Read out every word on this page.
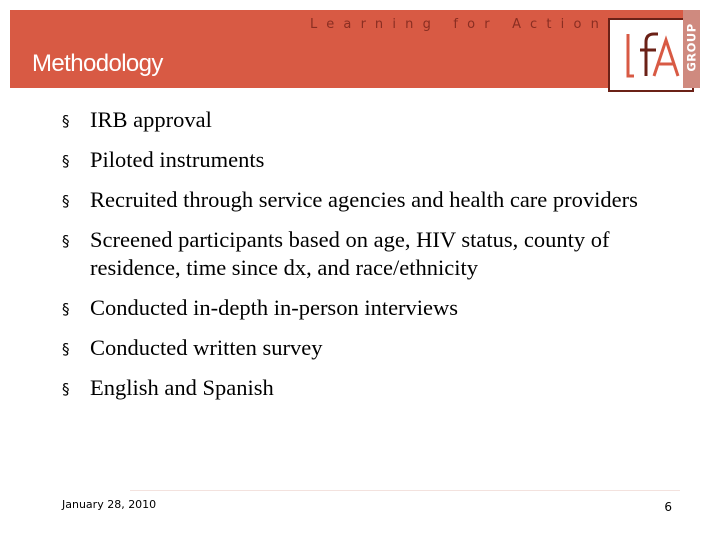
Learning for Action
Methodology	GROUP
§ IRB approval
§ Piloted instruments
§ Recruited through service agencies and health care providers
§ Screened participants based on age, HIV status, county of residence, time since dx, and race/ethnicity
§ Conducted in-depth in-person interviews
§ Conducted written survey
§ English and Spanish
January 28, 2010	6
